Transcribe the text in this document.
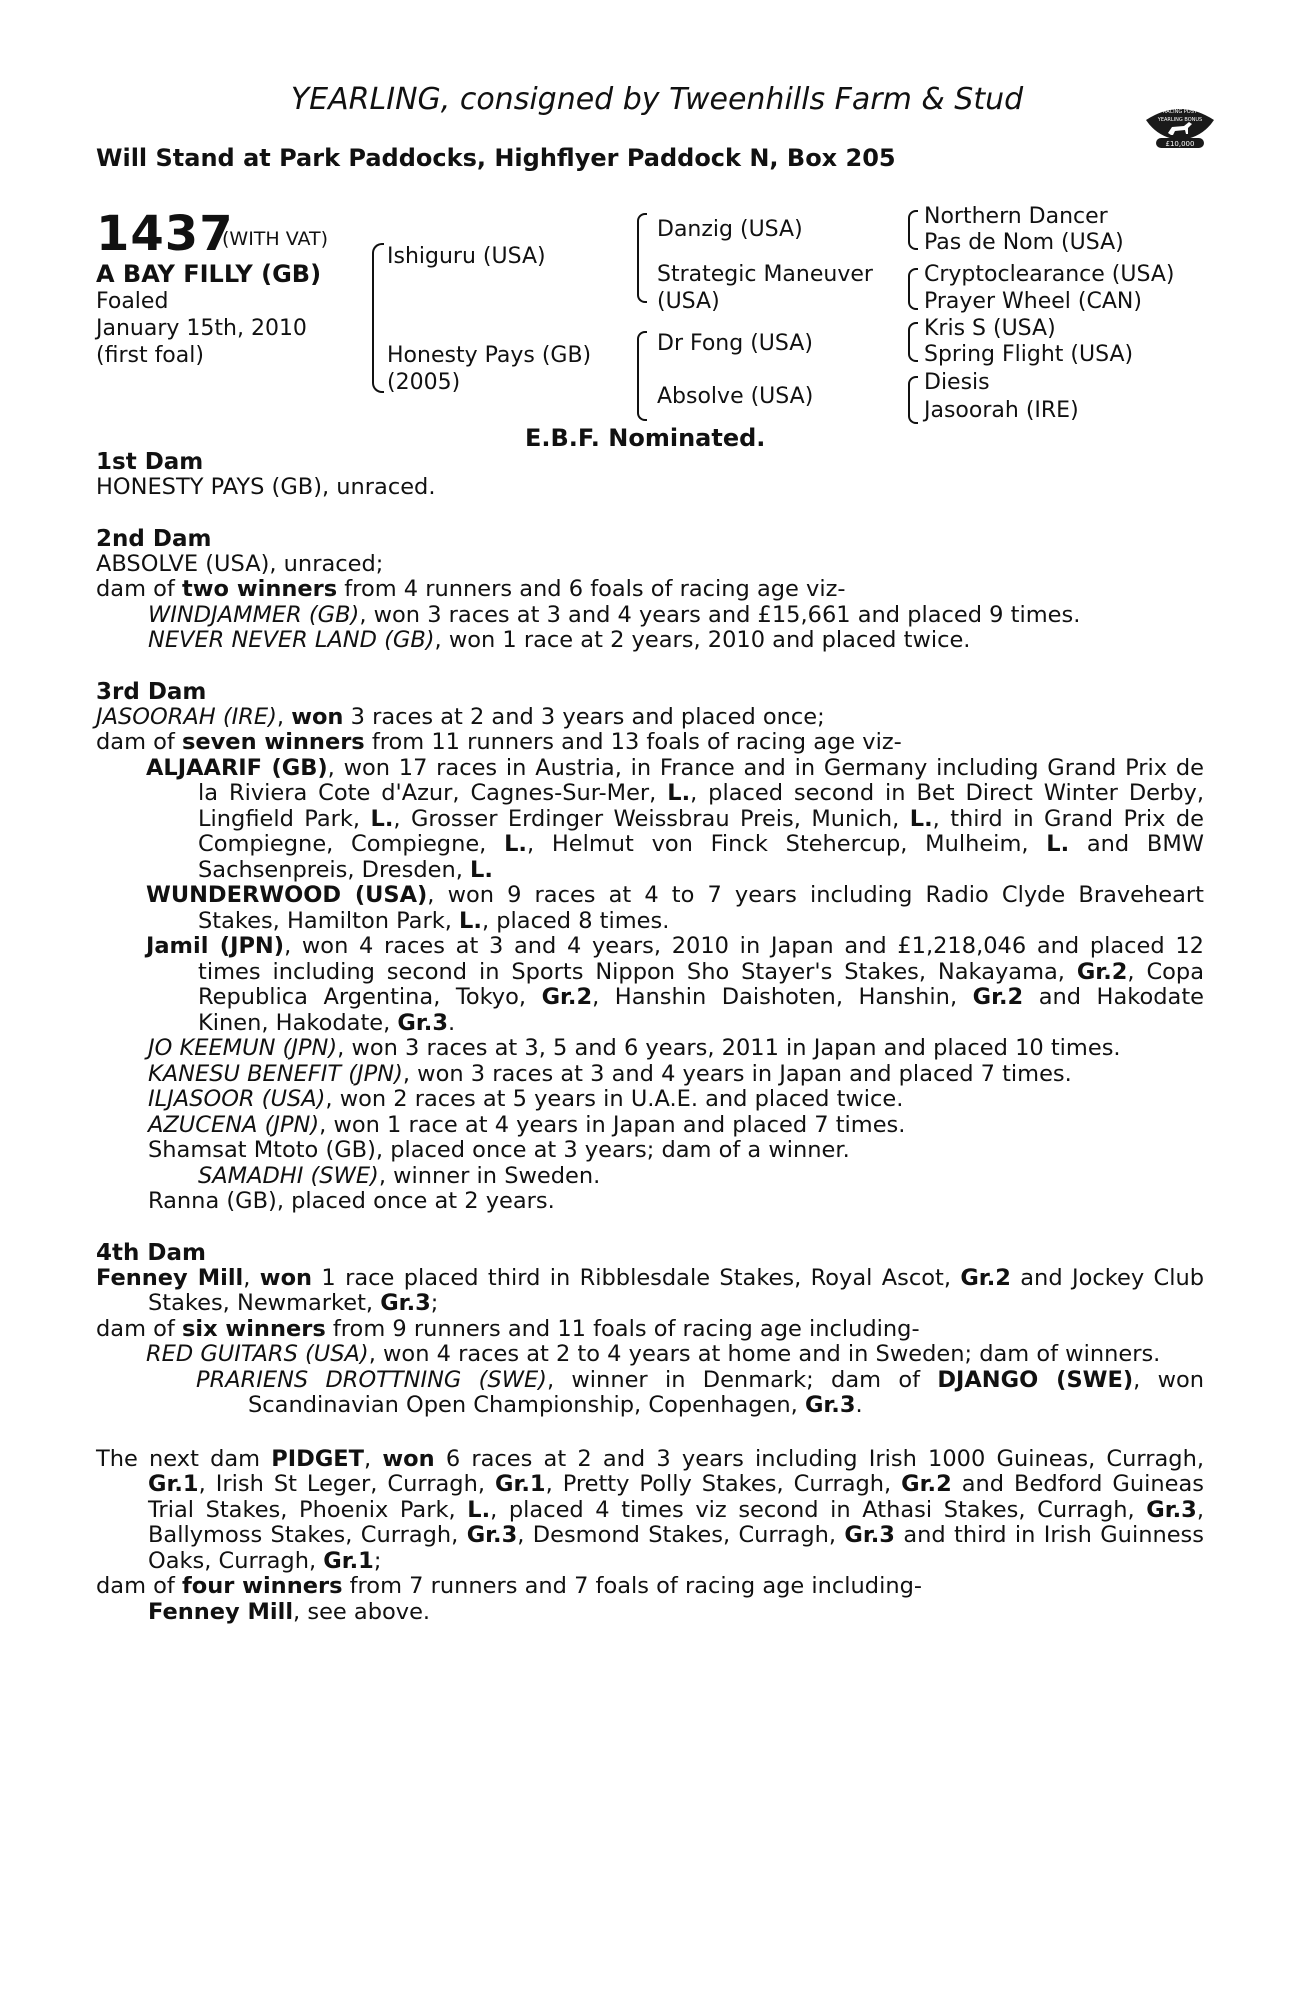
YEARLING, consigned by Tweenhills Farm & Stud
Will Stand at Park Paddocks, Highflyer Paddock N, Box 205
RACING POST
YEARLING BONUS
£10,000
1437
(WITH VAT)
A BAY FILLY (GB)
Foaled
January 15th, 2010
(first foal)
Ishiguru (USA)
Honesty Pays (GB)
(2005)
Danzig (USA)
Strategic Maneuver
(USA)
Dr Fong (USA)
Absolve (USA)
Northern Dancer
Pas de Nom (USA)
Cryptoclearance (USA)
Prayer Wheel (CAN)
Kris S (USA)
Spring Flight (USA)
Diesis
Jasoorah (IRE)
E.B.F. Nominated.
1st Dam

HONESTY PAYS (GB), unraced.

2nd Dam

ABSOLVE (USA), unraced;

dam of two winners from 4 runners and 6 foals of racing age viz-

WINDJAMMER (GB), won 3 races at 3 and 4 years and £15,661 and placed 9 times.

NEVER NEVER LAND (GB), won 1 race at 2 years, 2010 and placed twice.

3rd Dam

JASOORAH (IRE), won 3 races at 2 and 3 years and placed once;

dam of seven winners from 11 runners and 13 foals of racing age viz-

ALJAARIF (GB), won 17 races in Austria, in France and in Germany including Grand Prix de la Riviera Cote d'Azur, Cagnes-Sur-Mer, L., placed second in Bet Direct Winter Derby, Lingfield Park, L., Grosser Erdinger Weissbrau Preis, Munich, L., third in Grand Prix de Compiegne, Compiegne, L., Helmut von Finck Stehercup, Mulheim, L. and BMW Sachsenpreis, Dresden, L.

WUNDERWOOD (USA), won 9 races at 4 to 7 years including Radio Clyde Braveheart Stakes, Hamilton Park, L., placed 8 times.

Jamil (JPN), won 4 races at 3 and 4 years, 2010 in Japan and £1,218,046 and placed 12 times including second in Sports Nippon Sho Stayer's Stakes, Nakayama, Gr.2, Copa Republica Argentina, Tokyo, Gr.2, Hanshin Daishoten, Hanshin, Gr.2 and Hakodate Kinen, Hakodate, Gr.3.

JO KEEMUN (JPN), won 3 races at 3, 5 and 6 years, 2011 in Japan and placed 10 times.

KANESU BENEFIT (JPN), won 3 races at 3 and 4 years in Japan and placed 7 times.

ILJASOOR (USA), won 2 races at 5 years in U.A.E. and placed twice.

AZUCENA (JPN), won 1 race at 4 years in Japan and placed 7 times.

Shamsat Mtoto (GB), placed once at 3 years; dam of a winner.

SAMADHI (SWE), winner in Sweden.

Ranna (GB), placed once at 2 years.

4th Dam

Fenney Mill, won 1 race placed third in Ribblesdale Stakes, Royal Ascot, Gr.2 and Jockey Club Stakes, Newmarket, Gr.3;

dam of six winners from 9 runners and 11 foals of racing age including-

RED GUITARS (USA), won 4 races at 2 to 4 years at home and in Sweden; dam of winners.

PRARIENS DROTTNING (SWE), winner in Denmark; dam of DJANGO (SWE), won Scandinavian Open Championship, Copenhagen, Gr.3.

The next dam PIDGET, won 6 races at 2 and 3 years including Irish 1000 Guineas, Curragh, Gr.1, Irish St Leger, Curragh, Gr.1, Pretty Polly Stakes, Curragh, Gr.2 and Bedford Guineas Trial Stakes, Phoenix Park, L., placed 4 times viz second in Athasi Stakes, Curragh, Gr.3, Ballymoss Stakes, Curragh, Gr.3, Desmond Stakes, Curragh, Gr.3 and third in Irish Guinness Oaks, Curragh, Gr.1;

dam of four winners from 7 runners and 7 foals of racing age including-

Fenney Mill, see above.
